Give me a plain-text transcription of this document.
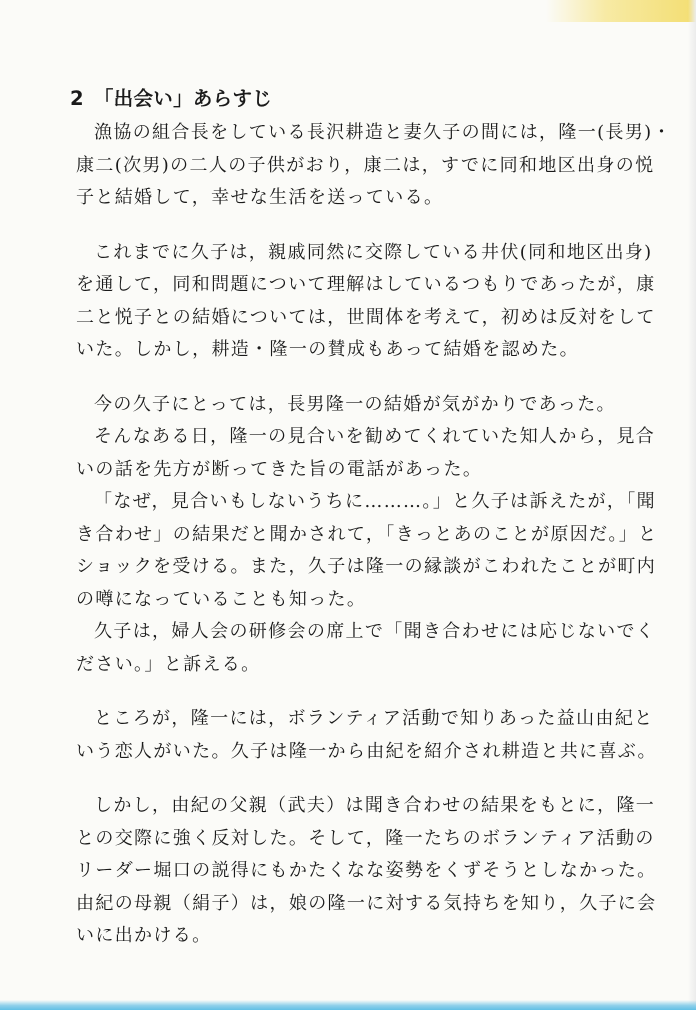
2 「出会い」あらすじ

漁協の組合長をしている長沢耕造と妻久子の間には，隆一(長男)・
康二(次男)の二人の子供がおり，康二は，すでに同和地区出身の悦
子と結婚して，幸せな生活を送っている。

これまでに久子は，親戚同然に交際している井伏(同和地区出身)
を通して，同和問題について理解はしているつもりであったが，康
二と悦子との結婚については，世間体を考えて，初めは反対をして
いた。しかし，耕造・隆一の賛成もあって結婚を認めた。

今の久子にとっては，長男隆一の結婚が気がかりであった。

そんなある日，隆一の見合いを勧めてくれていた知人から，見合
いの話を先方が断ってきた旨の電話があった。

「なぜ，見合いもしないうちに………。」と久子は訴えたが，「聞
き合わせ」の結果だと聞かされて，「きっとあのことが原因だ。」と
ショックを受ける。また，久子は隆一の縁談がこわれたことが町内
の噂になっていることも知った。

久子は，婦人会の研修会の席上で「聞き合わせには応じないでく
ださい。」と訴える。

ところが，隆一には，ボランティア活動で知りあった益山由紀と
いう恋人がいた。久子は隆一から由紀を紹介され耕造と共に喜ぶ。

しかし，由紀の父親（武夫）は聞き合わせの結果をもとに，隆一
との交際に強く反対した。そして，隆一たちのボランティア活動の
リーダー堀口の説得にもかたくなな姿勢をくずそうとしなかった。
由紀の母親（絹子）は，娘の隆一に対する気持ちを知り，久子に会
いに出かける。
